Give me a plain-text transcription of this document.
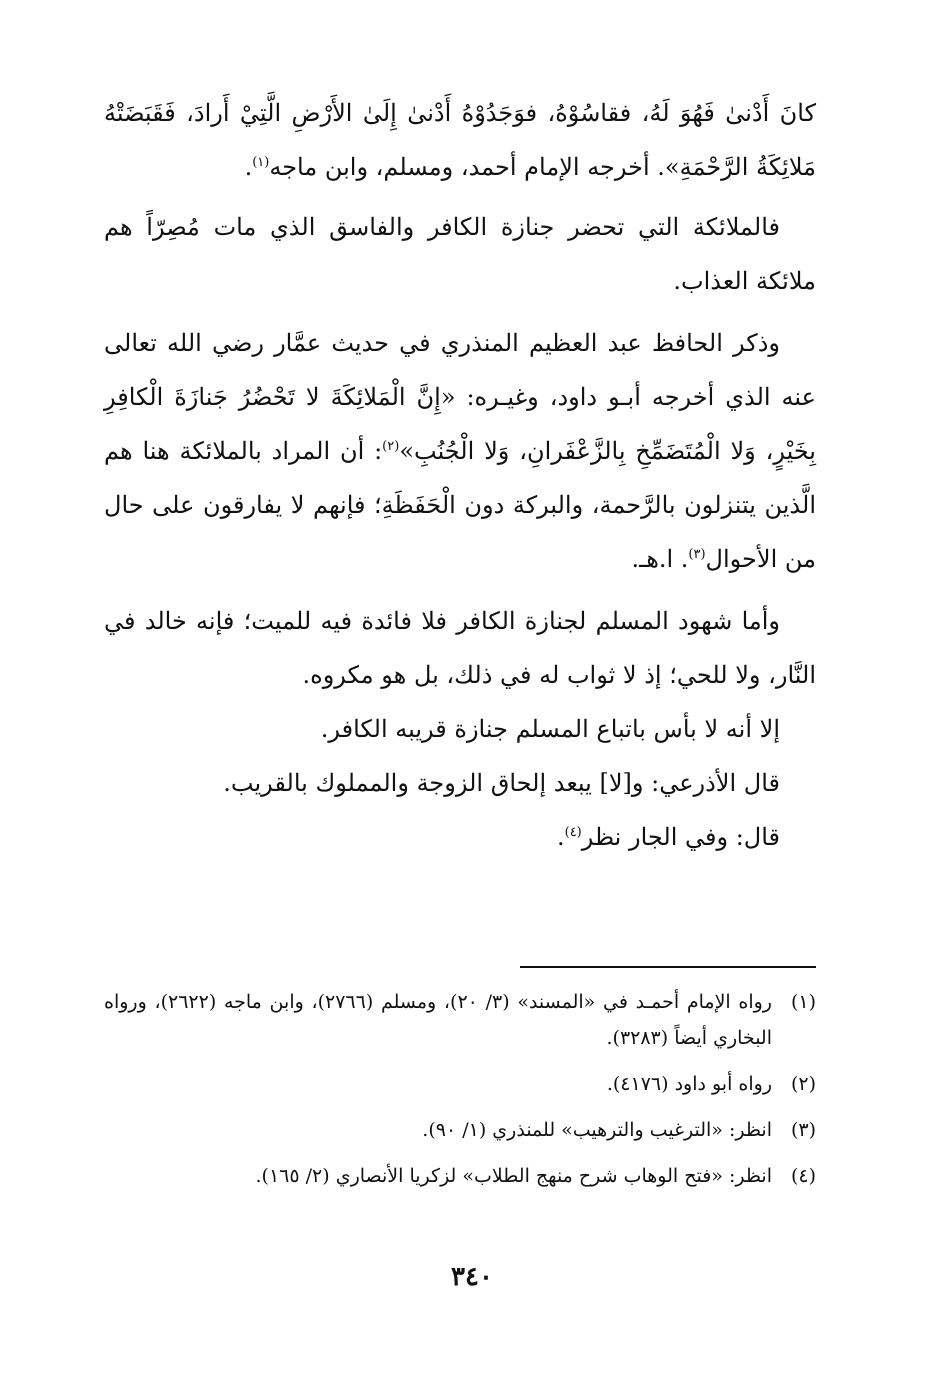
كانَ أَدْنىٰ فَهُوَ لَهُ، فقاسُوْهُ، فوَجَدُوْهُ أَدْنىٰ إِلَىٰ الأَرْضِ الَّتِيْ أَرادَ، فَقَبَضَتْهُ مَلائِكَةُ الرَّحْمَةِ». أخرجه الإمام أحمد، ومسلم، وابن ماجه$^{(١)}$.

فالملائكة التي تحضر جنازة الكافر والفاسق الذي مات مُصِرّاً هم ملائكة العذاب.

وذكر الحافظ عبد العظيم المنذري في حديث عمَّار رضي الله تعالى عنه الذي أخرجه أبـو داود، وغيـره: «إِنَّ الْمَلائِكَةَ لا تَحْضُرُ جَنازَةَ الْكافِرِ بِخَيْرٍ، وَلا الْمُتَضَمِّخِ بِالزَّعْفَرانِ، وَلا الْجُنُبِ»$^{(٢)}$: أن المراد بالملائكة هنا هم الَّذين يتنزلون بالرَّحمة، والبركة دون الْحَفَظَةِ؛ فإنهم لا يفارقون على حال من الأحوال$^{(٣)}$. ا.هـ.

وأما شهود المسلم لجنازة الكافر فلا فائدة فيه للميت؛ فإنه خالد في النَّار، ولا للحي؛ إذ لا ثواب له في ذلك، بل هو مكروه.

إلا أنه لا بأس باتباع المسلم جنازة قريبه الكافر.

قال الأذرعي: و[لا] يبعد إلحاق الزوجة والمملوك بالقريب.

قال: وفي الجار نظر$^{(٤)}$.

(١)
رواه الإمام أحمـد في «المسند» (٣/ ٢٠)، ومسلم (٢٧٦٦)، وابن ماجه (٢٦٢٢)، ورواه البخاري أيضاً (٣٢٨٣).
(٢)
رواه أبو داود (٤١٧٦).
(٣)
انظر: «الترغيب والترهيب» للمنذري (١/ ٩٠).
(٤)
انظر: «فتح الوهاب شرح منهج الطلاب» لزكريا الأنصاري (٢/ ١٦٥).
٣٤٠
